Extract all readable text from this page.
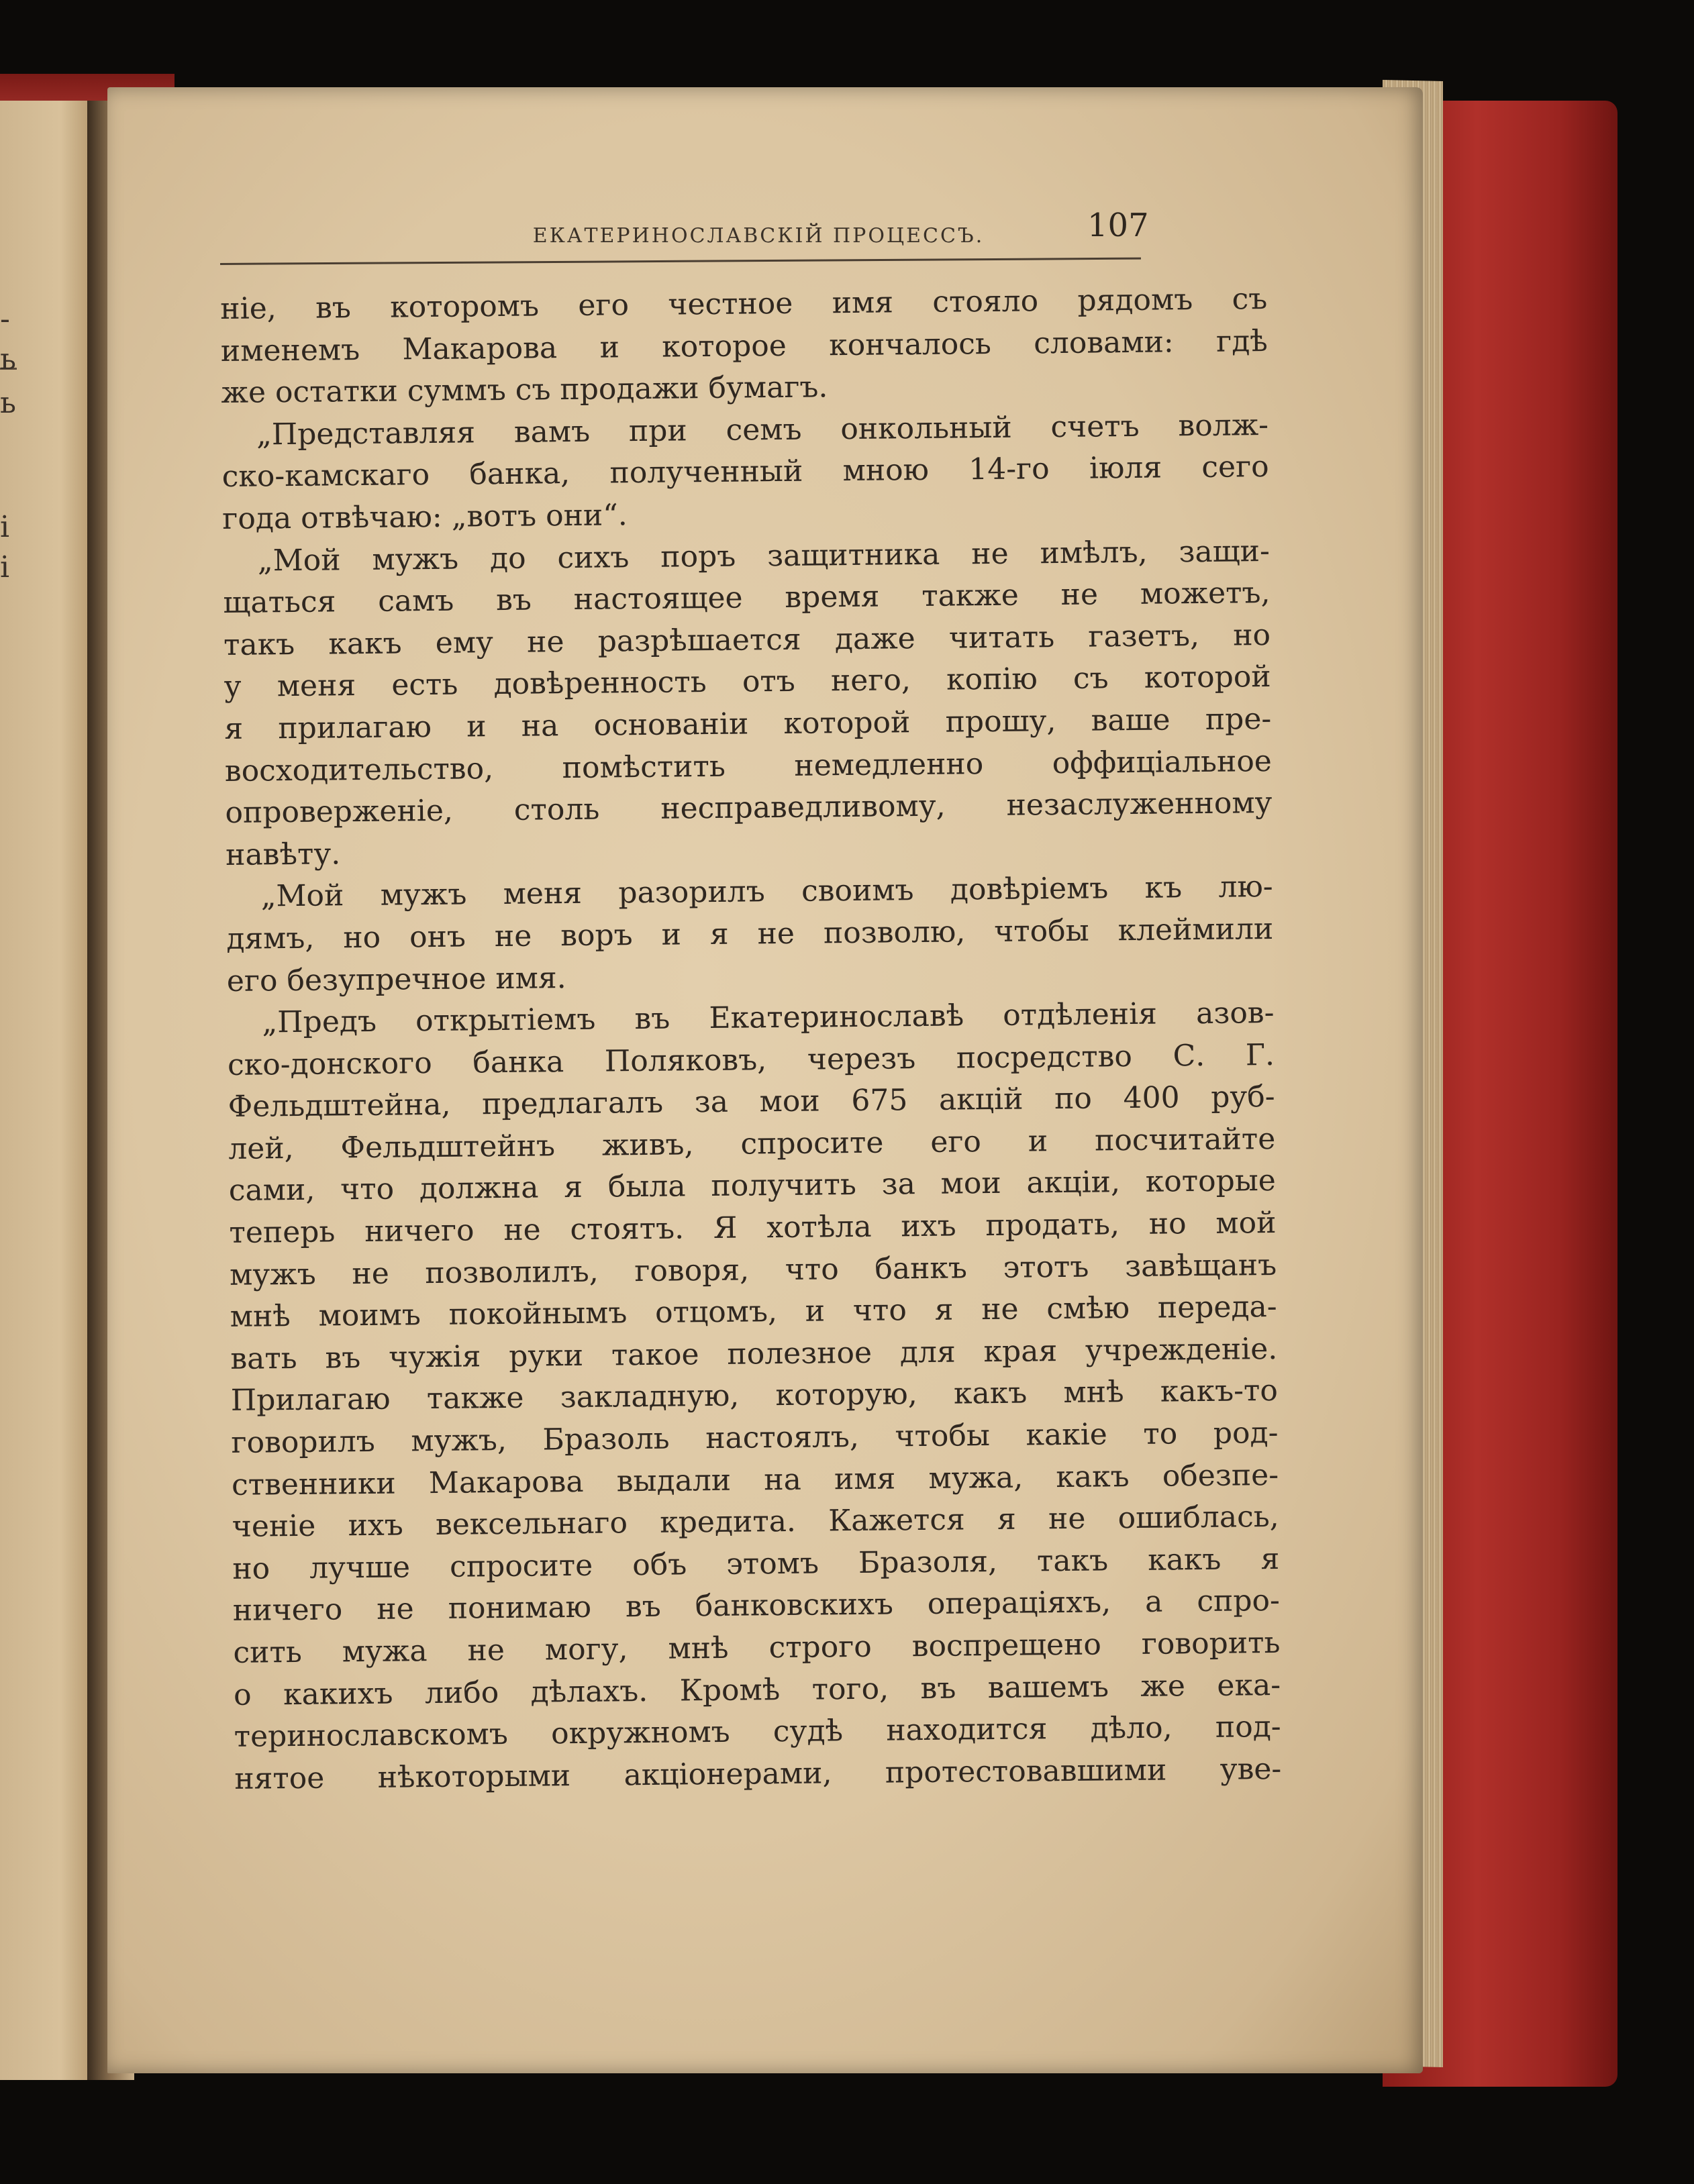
-
ь
ь
і
і
ЕКАТЕРИНОСЛАВСКІЙ ПРОЦЕССЪ.	107
ніе, въ которомъ его честное имя стояло рядомъ съ
именемъ Макарова и которое кончалось словами: гдѣ
же остатки суммъ съ продажи бумагъ.
„Представляя вамъ при семъ онкольный счетъ волж-
ско-камскаго банка, полученный мною 14-го іюля сего
года отвѣчаю: „вотъ они“.
„Мой мужъ до сихъ поръ защитника не имѣлъ, защи-
щаться самъ въ настоящее время также не можетъ,
такъ какъ ему не разрѣшается даже читать газетъ, но
у меня есть довѣренность отъ него, копію съ которой
я прилагаю и на основаніи которой прошу, ваше пре-
восходительство, помѣстить немедленно оффиціальное
опроверженіе, столь несправедливому, незаслуженному
навѣту.
„Мой мужъ меня разорилъ своимъ довѣріемъ къ лю-
дямъ, но онъ не воръ и я не позволю, чтобы клеймили
его безупречное имя.
„Предъ открытіемъ въ Екатеринославѣ отдѣленія азов-
ско-донского банка Поляковъ, черезъ посредство С. Г.
Фельдштейна, предлагалъ за мои 675 акцій по 400 руб-
лей, Фельдштейнъ живъ, спросите его и посчитайте
сами, что должна я была получить за мои акціи, которые
теперь ничего не стоятъ. Я хотѣла ихъ продать, но мой
мужъ не позволилъ, говоря, что банкъ этотъ завѣщанъ
мнѣ моимъ покойнымъ отцомъ, и что я не смѣю переда-
вать въ чужія руки такое полезное для края учрежденіе.
Прилагаю также закладную, которую, какъ мнѣ какъ-то
говорилъ мужъ, Бразоль настоялъ, чтобы какіе то род-
ственники Макарова выдали на имя мужа, какъ обезпе-
ченіе ихъ вексельнаго кредита. Кажется я не ошиблась,
но лучше спросите объ этомъ Бразоля, такъ какъ я
ничего не понимаю въ банковскихъ операціяхъ, а спро-
сить мужа не могу, мнѣ строго воспрещено говорить
о какихъ либо дѣлахъ. Кромѣ того, въ вашемъ же ека-
теринославскомъ окружномъ судѣ находится дѣло, под-
нятое нѣкоторыми акціонерами, протестовавшими уве-
